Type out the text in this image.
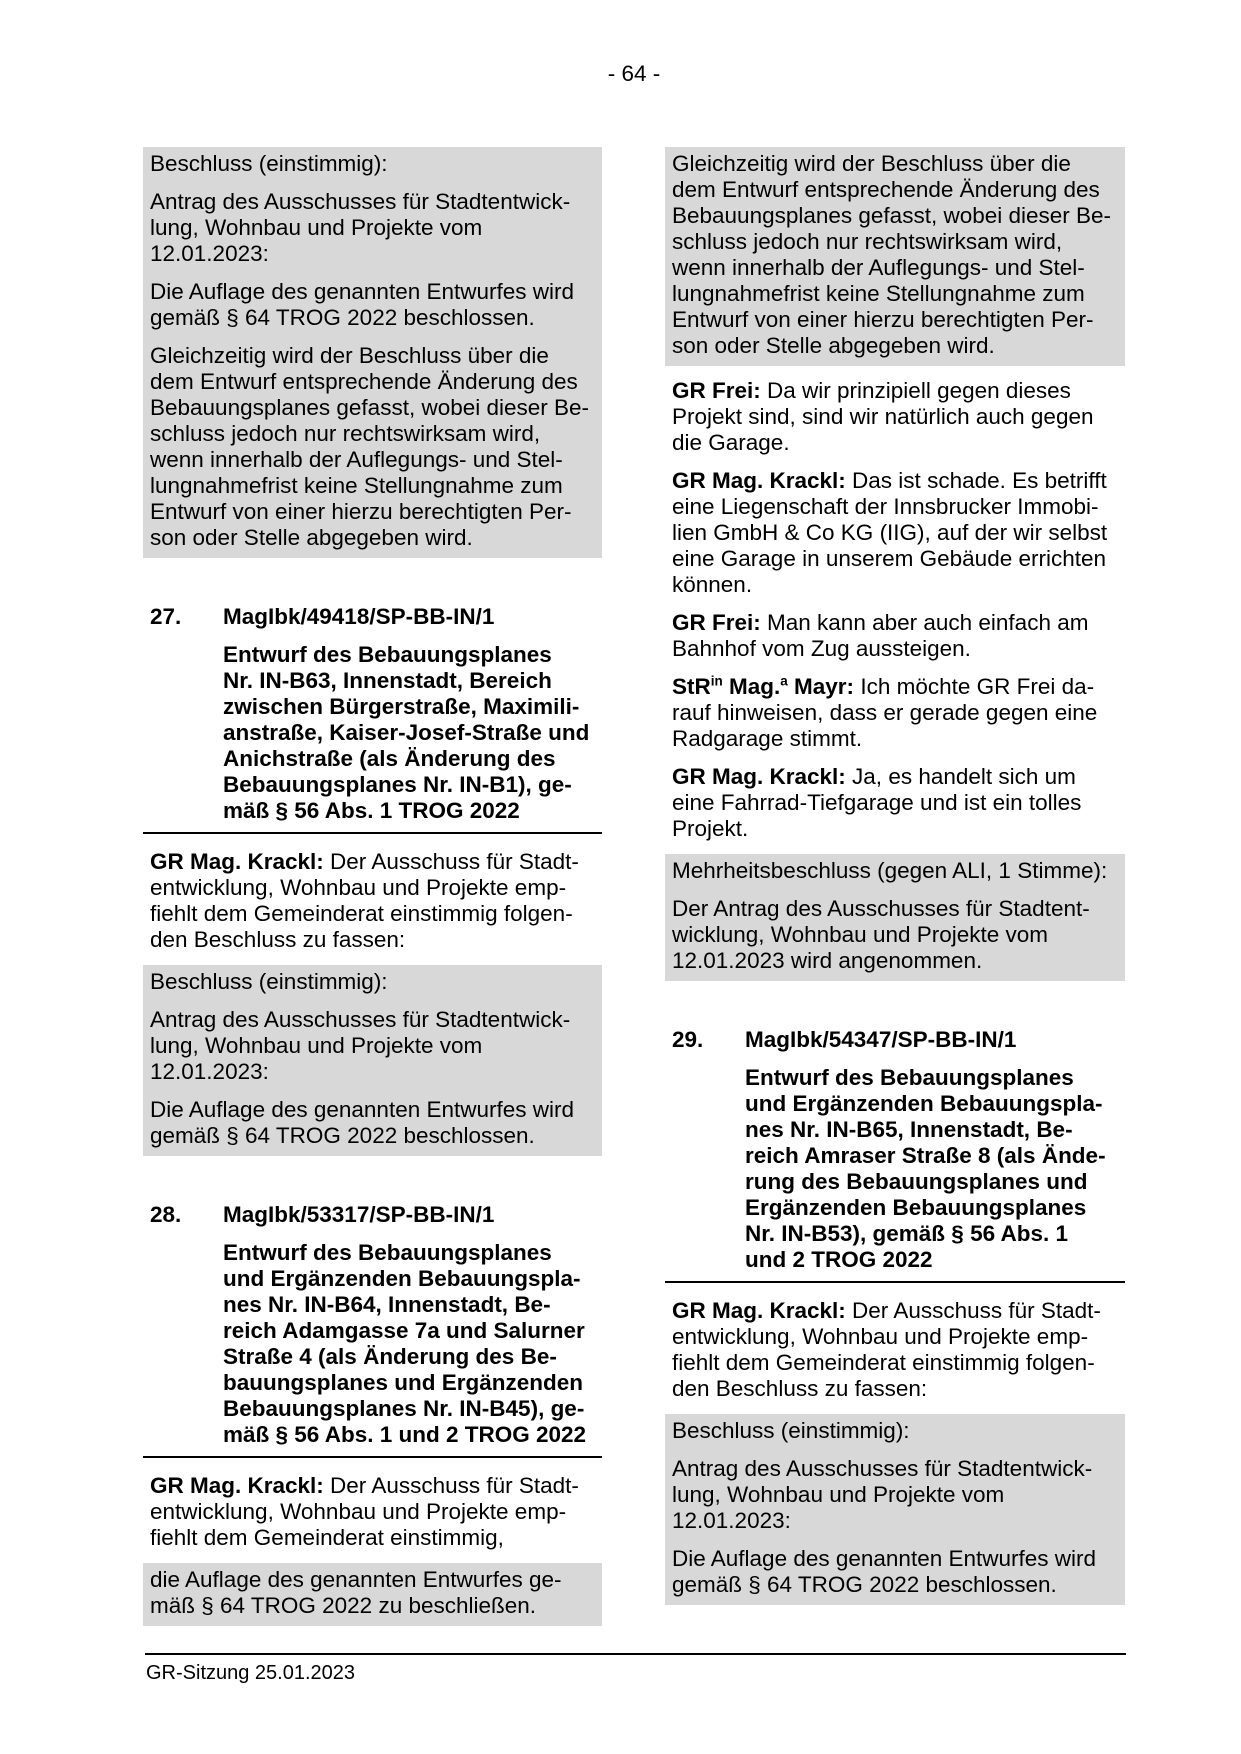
- 64 -

Beschluss (einstimmig):

Antrag des Ausschusses für Stadtentwick-
lung, Wohnbau und Projekte vom
12.01.2023:

Die Auflage des genannten Entwurfes wird
gemäß § 64 TROG 2022 beschlossen.

Gleichzeitig wird der Beschluss über die
dem Entwurf entsprechende Änderung des
Bebauungsplanes gefasst, wobei dieser Be-
schluss jedoch nur rechtswirksam wird,
wenn innerhalb der Auflegungs- und Stel-
lungnahmefrist keine Stellungnahme zum
Entwurf von einer hierzu berechtigten Per-
son oder Stelle abgegeben wird.

27.	MagIbk/49418/SP-BB-IN/1
Entwurf des Bebauungsplanes
Nr. IN-B63, Innenstadt, Bereich
zwischen Bürgerstraße, Maximili-
anstraße, Kaiser-Josef-Straße und
Anichstraße (als Änderung des
Bebauungsplanes Nr. IN-B1), ge-
mäß § 56 Abs. 1 TROG 2022

GR Mag. Krackl: Der Ausschuss für Stadt-
entwicklung, Wohnbau und Projekte emp-
fiehlt dem Gemeinderat einstimmig folgen-
den Beschluss zu fassen:

Beschluss (einstimmig):

Antrag des Ausschusses für Stadtentwick-
lung, Wohnbau und Projekte vom
12.01.2023:

Die Auflage des genannten Entwurfes wird
gemäß § 64 TROG 2022 beschlossen.

28.	MagIbk/53317/SP-BB-IN/1
Entwurf des Bebauungsplanes
und Ergänzenden Bebauungspla-
nes Nr. IN-B64, Innenstadt, Be-
reich Adamgasse 7a und Salurner
Straße 4 (als Änderung des Be-
bauungsplanes und Ergänzenden
Bebauungsplanes Nr. IN-B45), ge-
mäß § 56 Abs. 1 und 2 TROG 2022

GR Mag. Krackl: Der Ausschuss für Stadt-
entwicklung, Wohnbau und Projekte emp-
fiehlt dem Gemeinderat einstimmig,

die Auflage des genannten Entwurfes ge-
mäß § 64 TROG 2022 zu beschließen.

Gleichzeitig wird der Beschluss über die
dem Entwurf entsprechende Änderung des
Bebauungsplanes gefasst, wobei dieser Be-
schluss jedoch nur rechtswirksam wird,
wenn innerhalb der Auflegungs- und Stel-
lungnahmefrist keine Stellungnahme zum
Entwurf von einer hierzu berechtigten Per-
son oder Stelle abgegeben wird.

GR Frei: Da wir prinzipiell gegen dieses
Projekt sind, sind wir natürlich auch gegen
die Garage.

GR Mag. Krackl: Das ist schade. Es betrifft
eine Liegenschaft der Innsbrucker Immobi-
lien GmbH & Co KG (IIG), auf der wir selbst
eine Garage in unserem Gebäude errichten
können.

GR Frei: Man kann aber auch einfach am
Bahnhof vom Zug aussteigen.

StR$^{in}$ Mag.$^a$ Mayr: Ich möchte GR Frei da-
rauf hinweisen, dass er gerade gegen eine
Radgarage stimmt.

GR Mag. Krackl: Ja, es handelt sich um
eine Fahrrad-Tiefgarage und ist ein tolles
Projekt.

Mehrheitsbeschluss (gegen ALI, 1 Stimme):

Der Antrag des Ausschusses für Stadtent-
wicklung, Wohnbau und Projekte vom
12.01.2023 wird angenommen.

29.	MagIbk/54347/SP-BB-IN/1
Entwurf des Bebauungsplanes
und Ergänzenden Bebauungspla-
nes Nr. IN-B65, Innenstadt, Be-
reich Amraser Straße 8 (als Ände-
rung des Bebauungsplanes und
Ergänzenden Bebauungsplanes
Nr. IN-B53), gemäß § 56 Abs. 1
und 2 TROG 2022

GR Mag. Krackl: Der Ausschuss für Stadt-
entwicklung, Wohnbau und Projekte emp-
fiehlt dem Gemeinderat einstimmig folgen-
den Beschluss zu fassen:

Beschluss (einstimmig):

Antrag des Ausschusses für Stadtentwick-
lung, Wohnbau und Projekte vom
12.01.2023:

Die Auflage des genannten Entwurfes wird
gemäß § 64 TROG 2022 beschlossen.

GR-Sitzung 25.01.2023
